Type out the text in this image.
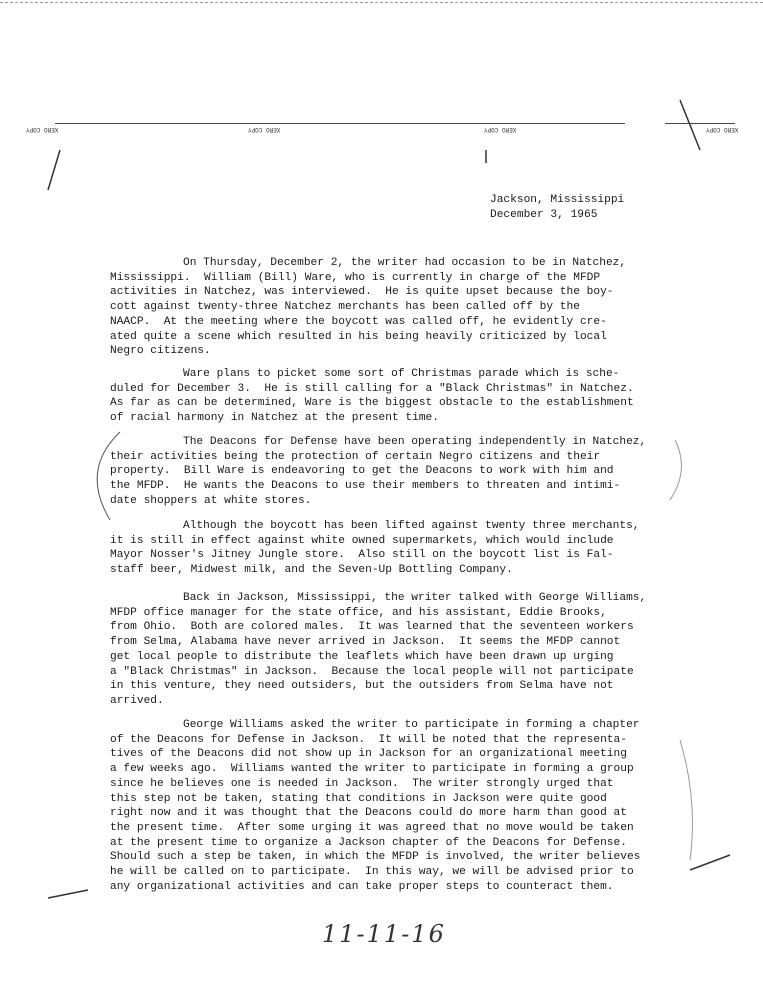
XERO COPY	XERO COPY	XERO COPY	XERO COPY
Jackson, Mississippi
December 3, 1965
On Thursday, December 2, the writer had occasion to be in Natchez,
Mississippi.  William (Bill) Ware, who is currently in charge of the MFDP
activities in Natchez, was interviewed.  He is quite upset because the boy-
cott against twenty-three Natchez merchants has been called off by the
NAACP.  At the meeting where the boycott was called off, he evidently cre-
ated quite a scene which resulted in his being heavily criticized by local
Negro citizens.
Ware plans to picket some sort of Christmas parade which is sche-
duled for December 3.  He is still calling for a "Black Christmas" in Natchez.
As far as can be determined, Ware is the biggest obstacle to the establishment
of racial harmony in Natchez at the present time.
The Deacons for Defense have been operating independently in Natchez,
their activities being the protection of certain Negro citizens and their
property.  Bill Ware is endeavoring to get the Deacons to work with him and
the MFDP.  He wants the Deacons to use their members to threaten and intimi-
date shoppers at white stores.
Although the boycott has been lifted against twenty three merchants,
it is still in effect against white owned supermarkets, which would include
Mayor Nosser's Jitney Jungle store.  Also still on the boycott list is Fal-
staff beer, Midwest milk, and the Seven-Up Bottling Company.
Back in Jackson, Mississippi, the writer talked with George Williams,
MFDP office manager for the state office, and his assistant, Eddie Brooks,
from Ohio.  Both are colored males.  It was learned that the seventeen workers
from Selma, Alabama have never arrived in Jackson.  It seems the MFDP cannot
get local people to distribute the leaflets which have been drawn up urging
a "Black Christmas" in Jackson.  Because the local people will not participate
in this venture, they need outsiders, but the outsiders from Selma have not
arrived.
George Williams asked the writer to participate in forming a chapter
of the Deacons for Defense in Jackson.  It will be noted that the representa-
tives of the Deacons did not show up in Jackson for an organizational meeting
a few weeks ago.  Williams wanted the writer to participate in forming a group
since he believes one is needed in Jackson.  The writer strongly urged that
this step not be taken, stating that conditions in Jackson were quite good
right now and it was thought that the Deacons could do more harm than good at
the present time.  After some urging it was agreed that no move would be taken
at the present time to organize a Jackson chapter of the Deacons for Defense.
Should such a step be taken, in which the MFDP is involved, the writer believes
he will be called on to participate.  In this way, we will be advised prior to
any organizational activities and can take proper steps to counteract them.
11-11-16
